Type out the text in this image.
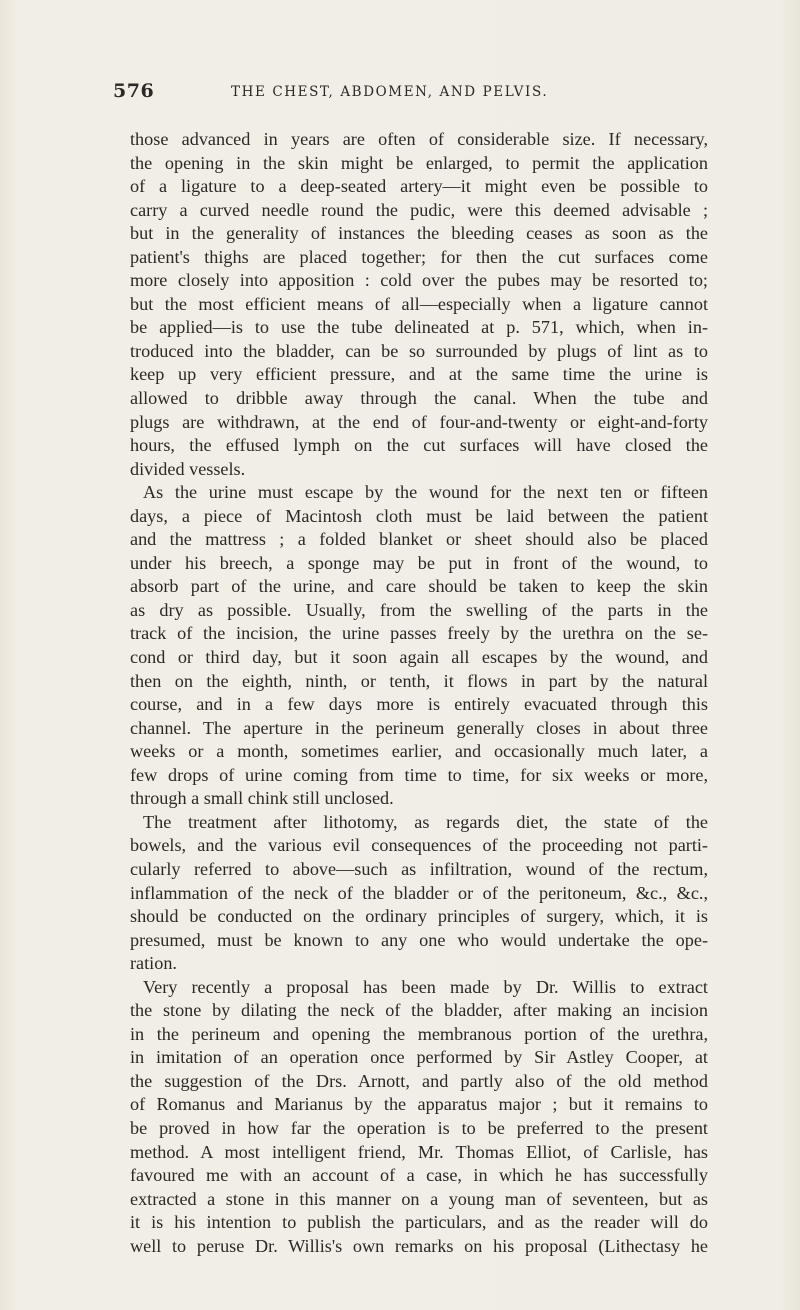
576	THE CHEST, ABDOMEN, AND PELVIS.
those advanced in years are often of considerable size. If necessary,
the opening in the skin might be enlarged, to permit the application
of a ligature to a deep-seated artery—it might even be possible to
carry a curved needle round the pudic, were this deemed advisable ;
but in the generality of instances the bleeding ceases as soon as the
patient's thighs are placed together; for then the cut surfaces come
more closely into apposition : cold over the pubes may be resorted to;
but the most efficient means of all—especially when a ligature cannot
be applied—is to use the tube delineated at p. 571, which, when in-
troduced into the bladder, can be so surrounded by plugs of lint as to
keep up very efficient pressure, and at the same time the urine is
allowed to dribble away through the canal. When the tube and
plugs are withdrawn, at the end of four-and-twenty or eight-and-forty
hours, the effused lymph on the cut surfaces will have closed the
divided vessels.
As the urine must escape by the wound for the next ten or fifteen
days, a piece of Macintosh cloth must be laid between the patient
and the mattress ; a folded blanket or sheet should also be placed
under his breech, a sponge may be put in front of the wound, to
absorb part of the urine, and care should be taken to keep the skin
as dry as possible. Usually, from the swelling of the parts in the
track of the incision, the urine passes freely by the urethra on the se-
cond or third day, but it soon again all escapes by the wound, and
then on the eighth, ninth, or tenth, it flows in part by the natural
course, and in a few days more is entirely evacuated through this
channel. The aperture in the perineum generally closes in about three
weeks or a month, sometimes earlier, and occasionally much later, a
few drops of urine coming from time to time, for six weeks or more,
through a small chink still unclosed.
The treatment after lithotomy, as regards diet, the state of the
bowels, and the various evil consequences of the proceeding not parti-
cularly referred to above—such as infiltration, wound of the rectum,
inflammation of the neck of the bladder or of the peritoneum, &c., &c.,
should be conducted on the ordinary principles of surgery, which, it is
presumed, must be known to any one who would undertake the ope-
ration.
Very recently a proposal has been made by Dr. Willis to extract
the stone by dilating the neck of the bladder, after making an incision
in the perineum and opening the membranous portion of the urethra,
in imitation of an operation once performed by Sir Astley Cooper, at
the suggestion of the Drs. Arnott, and partly also of the old method
of Romanus and Marianus by the apparatus major ; but it remains to
be proved in how far the operation is to be preferred to the present
method. A most intelligent friend, Mr. Thomas Elliot, of Carlisle, has
favoured me with an account of a case, in which he has successfully
extracted a stone in this manner on a young man of seventeen, but as
it is his intention to publish the particulars, and as the reader will do
well to peruse Dr. Willis's own remarks on his proposal (Lithectasy he
